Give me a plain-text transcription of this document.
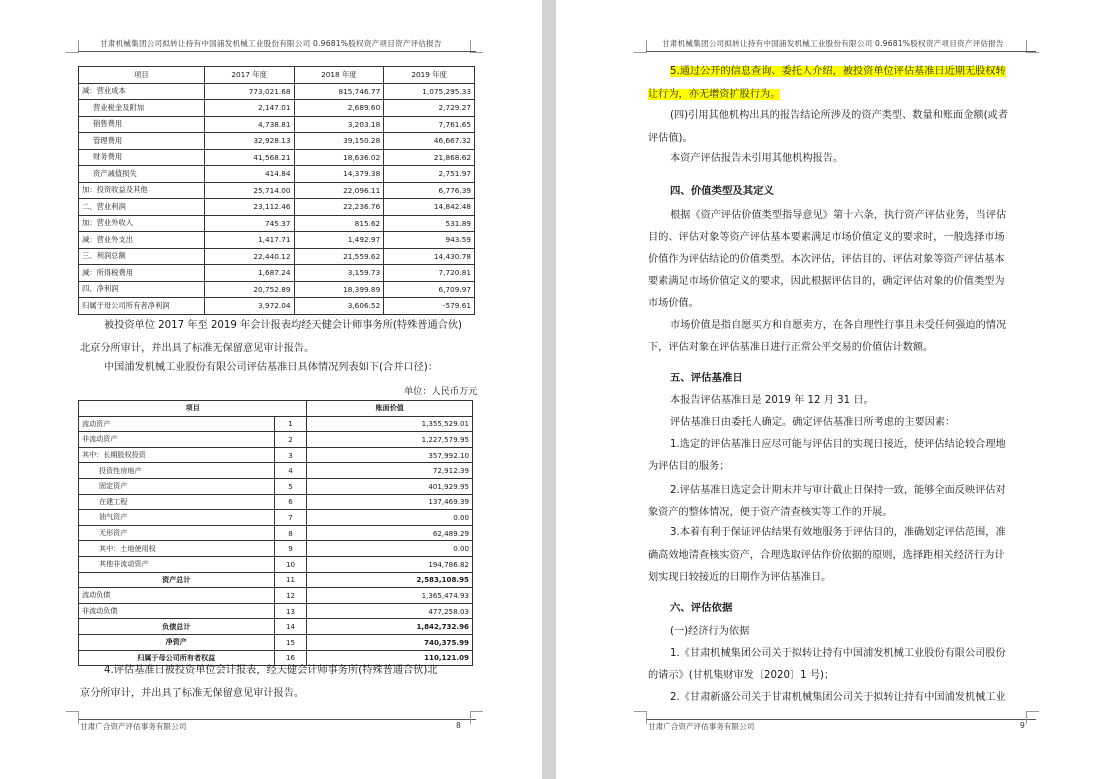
甘肃机械集团公司拟转让持有中国浦发机械工业股份有限公司 0.9681%股权资产项目资产评估报告
项目	2017 年度	2018 年度	2019 年度
减：营业成本	773,021.68	815,746.77	1,075,295.33
营业税金及附加	2,147.01	2,689.60	2,729.27
销售费用	4,738.81	3,203.18	7,761.65
管理费用	32,928.13	39,150.28	46,667.32
财务费用	41,568.21	18,636.02	21,868.62
资产减值损失	414.84	14,379.38	2,751.97
加：投资收益及其他	25,714.00	22,096.11	6,776.39
二、营业利润	23,112.46	22,236.76	14,842.48
加：营业外收入	745.37	815.62	531.89
减：营业外支出	1,417.71	1,492.97	943.59
三、利润总额	22,440.12	21,559.62	14,430.78
减：所得税费用	1,687.24	3,159.73	7,720.81
四、净利润	20,752.89	18,399.89	6,709.97
归属于母公司所有者净利润	3,972.04	3,606.52	-579.61
被投资单位 2017 年至 2019 年会计报表均经天健会计师事务所(特殊普通合伙)
北京分所审计，并出具了标准无保留意见审计报告。
中国浦发机械工业股份有限公司评估基准日具体情况列表如下(合并口径)：
单位：人民币万元
项目		账面价值
流动资产	1	1,355,529.01
非流动资产	2	1,227,579.95
其中：长期股权投资	3	357,992.10
投资性房地产	4	72,912.39
固定资产	5	401,929.95
在建工程	6	137,469.39
油气资产	7	0.00
无形资产	8	62,489.29
其中：土地使用权	9	0.00
其他非流动资产	10	194,786.82
资产总计	11	2,583,108.95
流动负债	12	1,365,474.93
非流动负债	13	477,258.03
负债总计	14	1,842,732.96
净资产	15	740,375.99
归属于母公司所有者权益	16	110,121.09
4.评估基准日被投资单位会计报表，经天健会计师事务所(特殊普通合伙)北
京分所审计，并出具了标准无保留意见审计报告。
甘肃广合资产评估事务有限公司	8
甘肃机械集团公司拟转让持有中国浦发机械工业股份有限公司 0.9681%股权资产项目资产评估报告
5.通过公开的信息查询、委托人介绍，被投资单位评估基准日近期无股权转
让行为，亦无增资扩股行为。
(四)引用其他机构出具的报告结论所涉及的资产类型、数量和账面金额(或者
评估值)。
本资产评估报告未引用其他机构报告。
四、价值类型及其定义
根据《资产评估价值类型指导意见》第十六条，执行资产评估业务，当评估
目的、评估对象等资产评估基本要素满足市场价值定义的要求时，一般选择市场
价值作为评估结论的价值类型。本次评估，评估目的、评估对象等资产评估基本
要素满足市场价值定义的要求，因此根据评估目的，确定评估对象的价值类型为
市场价值。
市场价值是指自愿买方和自愿卖方，在各自理性行事且未受任何强迫的情况
下，评估对象在评估基准日进行正常公平交易的价值估计数额。
五、评估基准日
本报告评估基准日是 2019 年 12 月 31 日。
评估基准日由委托人确定。确定评估基准日所考虑的主要因素：
1.选定的评估基准日应尽可能与评估目的实现日接近，使评估结论较合理地
为评估目的服务；
2.评估基准日选定会计期末并与审计截止日保持一致，能够全面反映评估对
象资产的整体情况，便于资产清查核实等工作的开展。
3.本着有利于保证评估结果有效地服务于评估目的，准确划定评估范围，准
确高效地清查核实资产，合理选取评估作价依据的原则，选择距相关经济行为计
划实现日较接近的日期作为评估基准日。
六、评估依据
(一)经济行为依据
1.《甘肃机械集团公司关于拟转让持有中国浦发机械工业股份有限公司股份
的请示》(甘机集财审发〔2020〕1 号)；
2.《甘肃新盛公司关于甘肃机械集团公司关于拟转让持有中国浦发机械工业
甘肃广合资产评估事务有限公司	9
